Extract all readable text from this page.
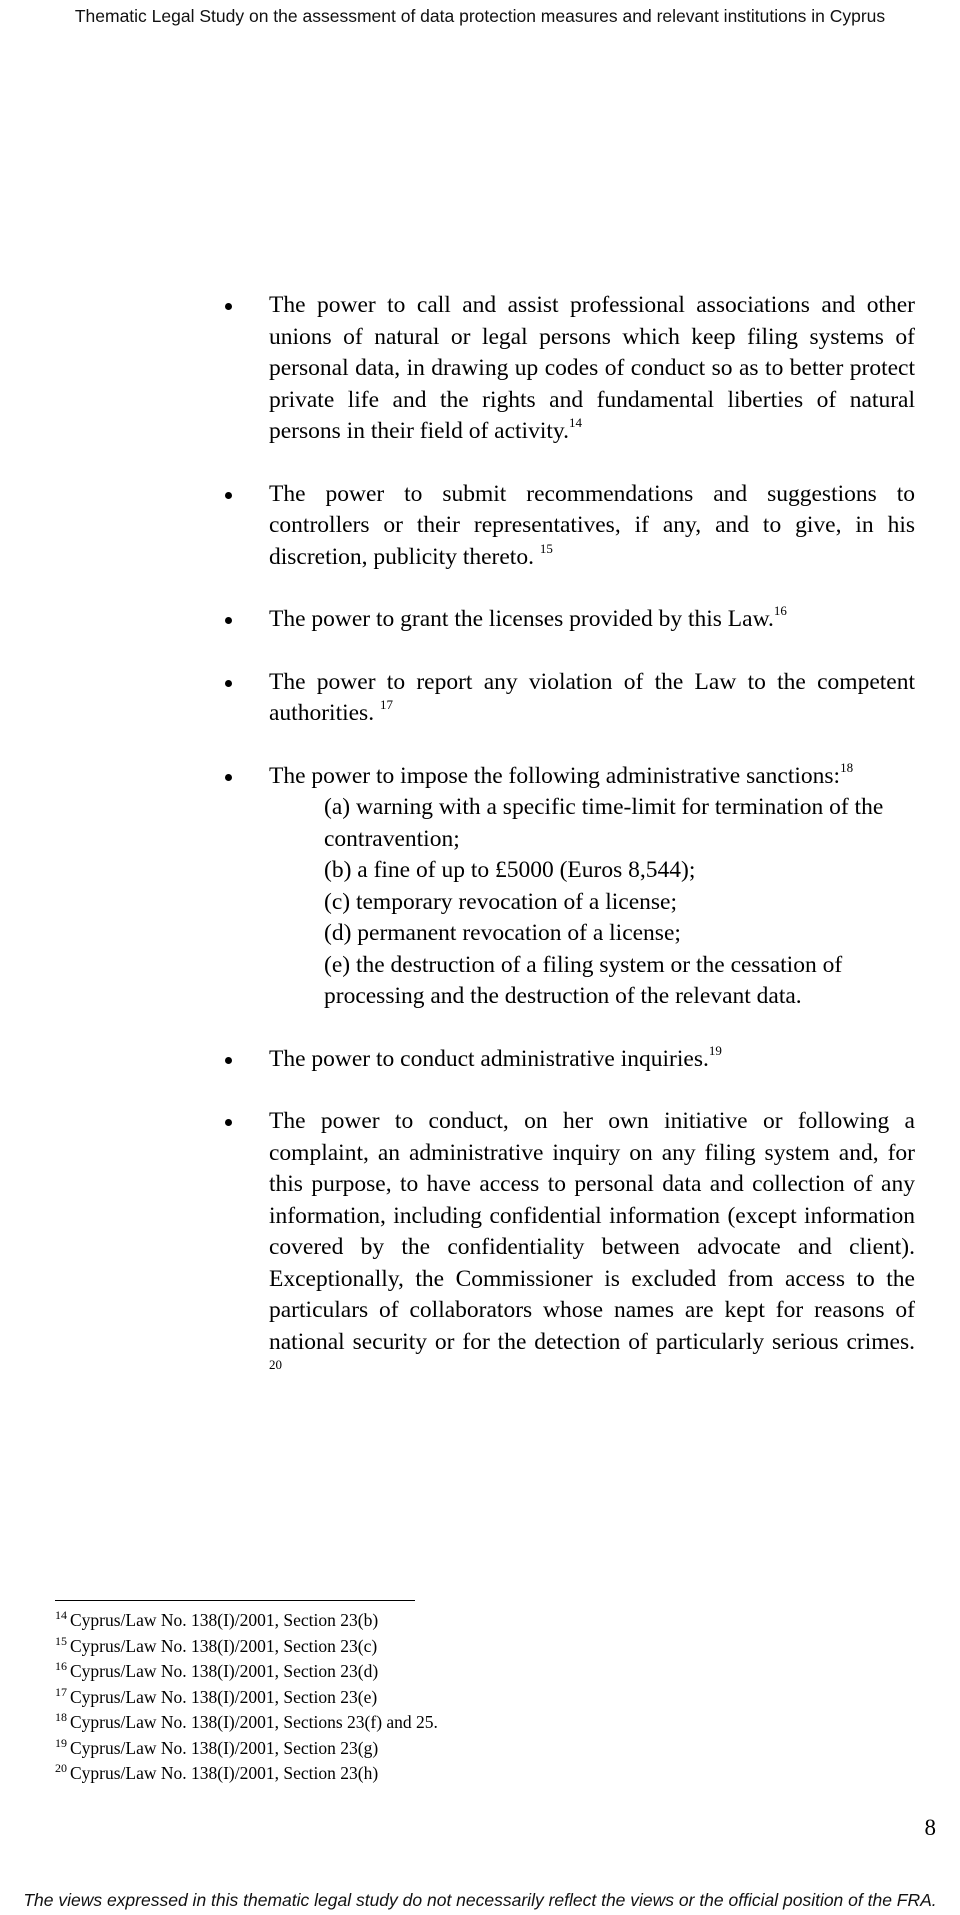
Thematic Legal Study on the assessment of data protection measures and relevant institutions in Cyprus
The power to call and assist professional associations and other unions of natural or legal persons which keep filing systems of personal data, in drawing up codes of conduct so as to better protect private life and the rights and fundamental liberties of natural persons in their field of activity.$^{14}$
The power to submit recommendations and suggestions to controllers or their representatives, if any, and to give, in his discretion, publicity thereto. $^{15}$
The power to grant the licenses provided by this Law.$^{16}$
The power to report any violation of the Law to the competent authorities. $^{17}$
The power to impose the following administrative sanctions:$^{18}$
(a) warning with a specific time-limit for termination of the contravention;
(b) a fine of up to £5000 (Euros 8,544);
(c) temporary revocation of a license;
(d) permanent revocation of a license;
(e) the destruction of a filing system or the cessation of processing and the destruction of the relevant data.
The power to conduct administrative inquiries.$^{19}$
The power to conduct, on her own initiative or following a complaint, an administrative inquiry on any filing system and, for this purpose, to have access to personal data and collection of any information, including confidential information (except information covered by the confidentiality between advocate and client). Exceptionally, the Commissioner is excluded from access to the particulars of collaborators whose names are kept for reasons of national security or for the detection of particularly serious crimes. $^{20}$
$^{14}$ Cyprus/Law No. 138(I)/2001, Section 23(b)
$^{15}$ Cyprus/Law No. 138(I)/2001, Section 23(c)
$^{16}$ Cyprus/Law No. 138(I)/2001, Section 23(d)
$^{17}$ Cyprus/Law No. 138(I)/2001, Section 23(e)
$^{18}$ Cyprus/Law No. 138(I)/2001, Sections 23(f) and 25.
$^{19}$ Cyprus/Law No. 138(I)/2001, Section 23(g)
$^{20}$ Cyprus/Law No. 138(I)/2001, Section 23(h)
8
The views expressed in this thematic legal study do not necessarily reflect the views or the official position of the FRA.
